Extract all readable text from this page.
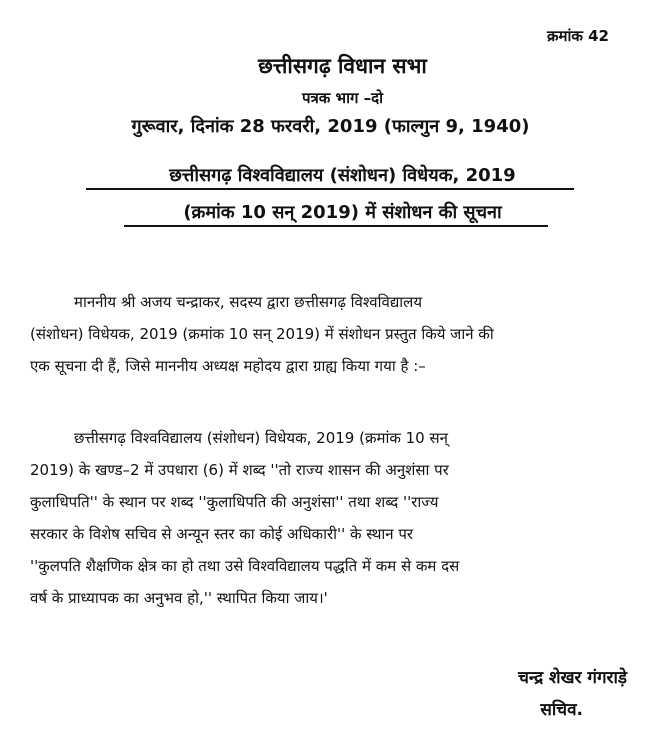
क्रमांक 42
छत्तीसगढ़ विधान सभा
पत्रक भाग –दो
गुरूवार, दिनांक 28 फरवरी, 2019 (फाल्गुन 9, 1940)
छत्तीसगढ़ विश्वविद्यालय (संशोधन) विधेयक, 2019
(क्रमांक 10 सन् 2019) में संशोधन की सूचना
माननीय श्री अजय चन्द्राकर, सदस्य द्वारा छत्तीसगढ़ विश्वविद्यालय
(संशोधन) विधेयक, 2019 (क्रमांक 10 सन् 2019) में संशोधन प्रस्तुत किये जाने की
एक सूचना दी हैं, जिसे माननीय अध्यक्ष महोदय द्वारा ग्राह्य किया गया है :–
छत्तीसगढ़ विश्वविद्यालय (संशोधन) विधेयक, 2019 (क्रमांक 10 सन्
2019) के खण्ड–2 में उपधारा (6) में शब्द ''तो राज्य शासन की अनुशंसा पर
कुलाधिपति'' के स्थान पर शब्द ''कुलाधिपति की अनुशंसा'' तथा शब्द ''राज्य
सरकार के विशेष सचिव से अन्यून स्तर का कोई अधिकारी'' के स्थान पर
''कुलपति शैक्षणिक क्षेत्र का हो तथा उसे विश्वविद्यालय पद्धति में कम से कम दस
वर्ष के प्राध्यापक का अनुभव हो,'' स्थापित किया जाय।'
चन्द्र शेखर गंगराड़े
सचिव.
